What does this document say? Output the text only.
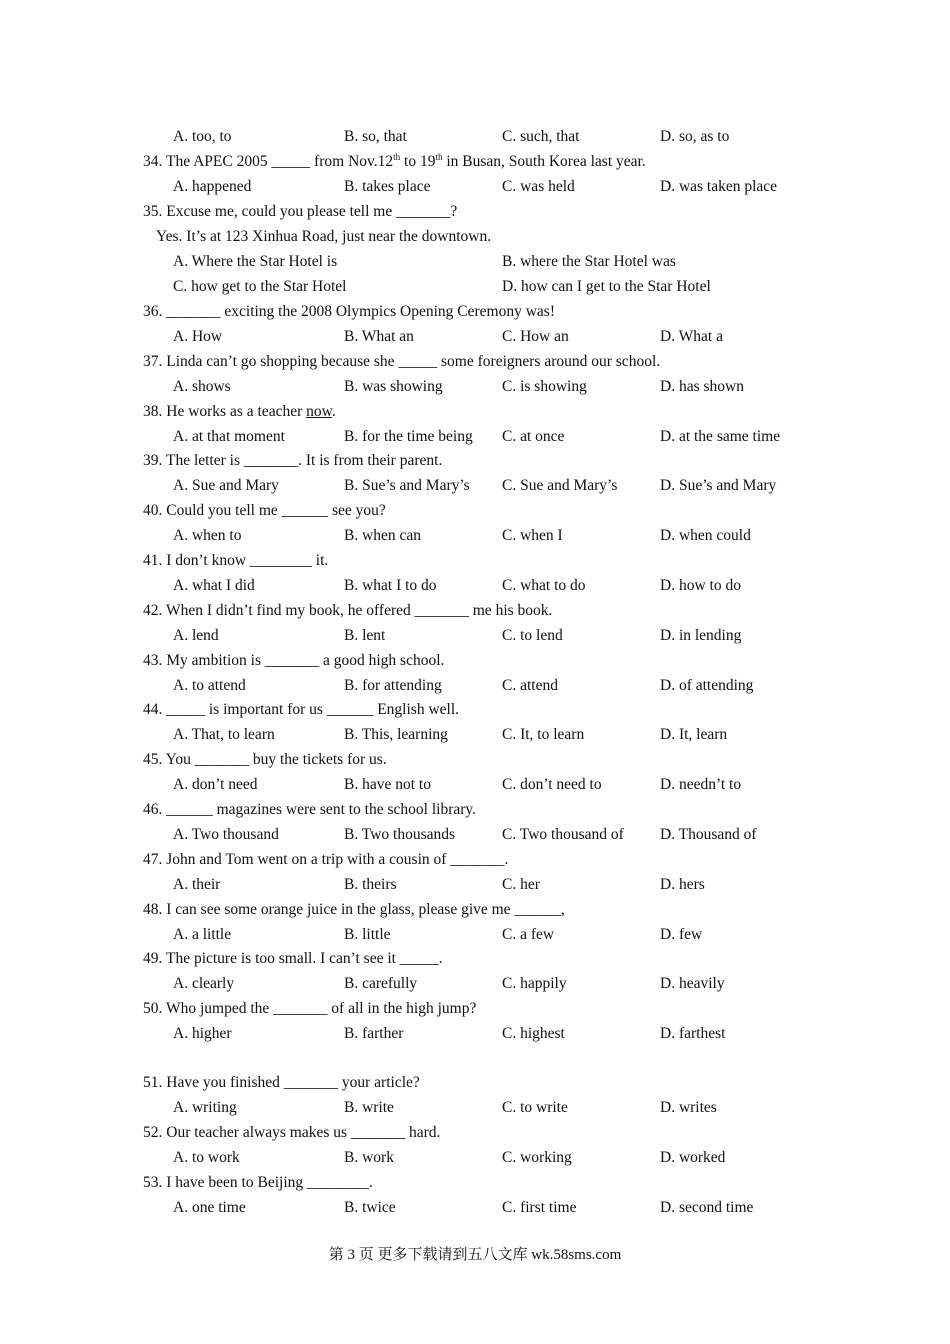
A. too, to	B. so, that	C. such, that	D. so, as to
34. The APEC 2005 _____ from Nov.12th to 19th in Busan, South Korea last year.
A. happened	B. takes place	C. was held	D. was taken place
35. Excuse me, could you please tell me _______?
Yes. It’s at 123 Xinhua Road, just near the downtown.
A. Where the Star Hotel is	B. where the Star Hotel was
C. how get to the Star Hotel	D. how can I get to the Star Hotel
36. _______ exciting the 2008 Olympics Opening Ceremony was!
A. How	B. What an	C. How an	D. What a
37. Linda can’t go shopping because she _____ some foreigners around our school.
A. shows	B. was showing	C. is showing	D. has shown
38. He works as a teacher now.
A. at that moment	B. for the time being C. at once	D. at the same time
39. The letter is _______. It is from their parent.
A. Sue and Mary	B. Sue’s and Mary’s C. Sue and Mary’s	D. Sue’s and Mary
40. Could you tell me ______ see you?
A. when to	B. when can	C. when I	D. when could
41. I don’t know ________ it.
A. what I did	B. what I to do	C. what to do	D. how to do
42. When I didn’t find my book, he offered _______ me his book.
A. lend	B. lent	C. to lend	D. in lending
43. My ambition is _______ a good high school.
A. to attend	B. for attending	C. attend	D. of attending
44. _____ is important for us ______ English well.
A. That, to learn	B. This, learning	C. It, to learn	D. It, learn
45. You _______ buy the tickets for us.
A. don’t need	B. have not to	C. don’t need to	D. needn’t to
46. ______ magazines were sent to the school library.
A. Two thousand	B. Two thousands	C. Two thousand of D. Thousand of
47. John and Tom went on a trip with a cousin of _______.
A. their	B. theirs	C. her	D. hers
48. I can see some orange juice in the glass, please give me ______,
A. a little	B. little	C. a few	D. few
49. The picture is too small. I can’t see it _____.
A. clearly	B. carefully	C. happily	D. heavily
50. Who jumped the _______ of all in the high jump?
A. higher	B. farther	C. highest	D. farthest
51. Have you finished _______ your article?
A. writing	B. write	C. to write	D. writes
52. Our teacher always makes us _______ hard.
A. to work	B. work	C. working	D. worked
53. I have been to Beijing ________.
A. one time	B. twice	C. first time	D. second time
第 3 页 更多下载请到五八文库 wk.58sms.com
